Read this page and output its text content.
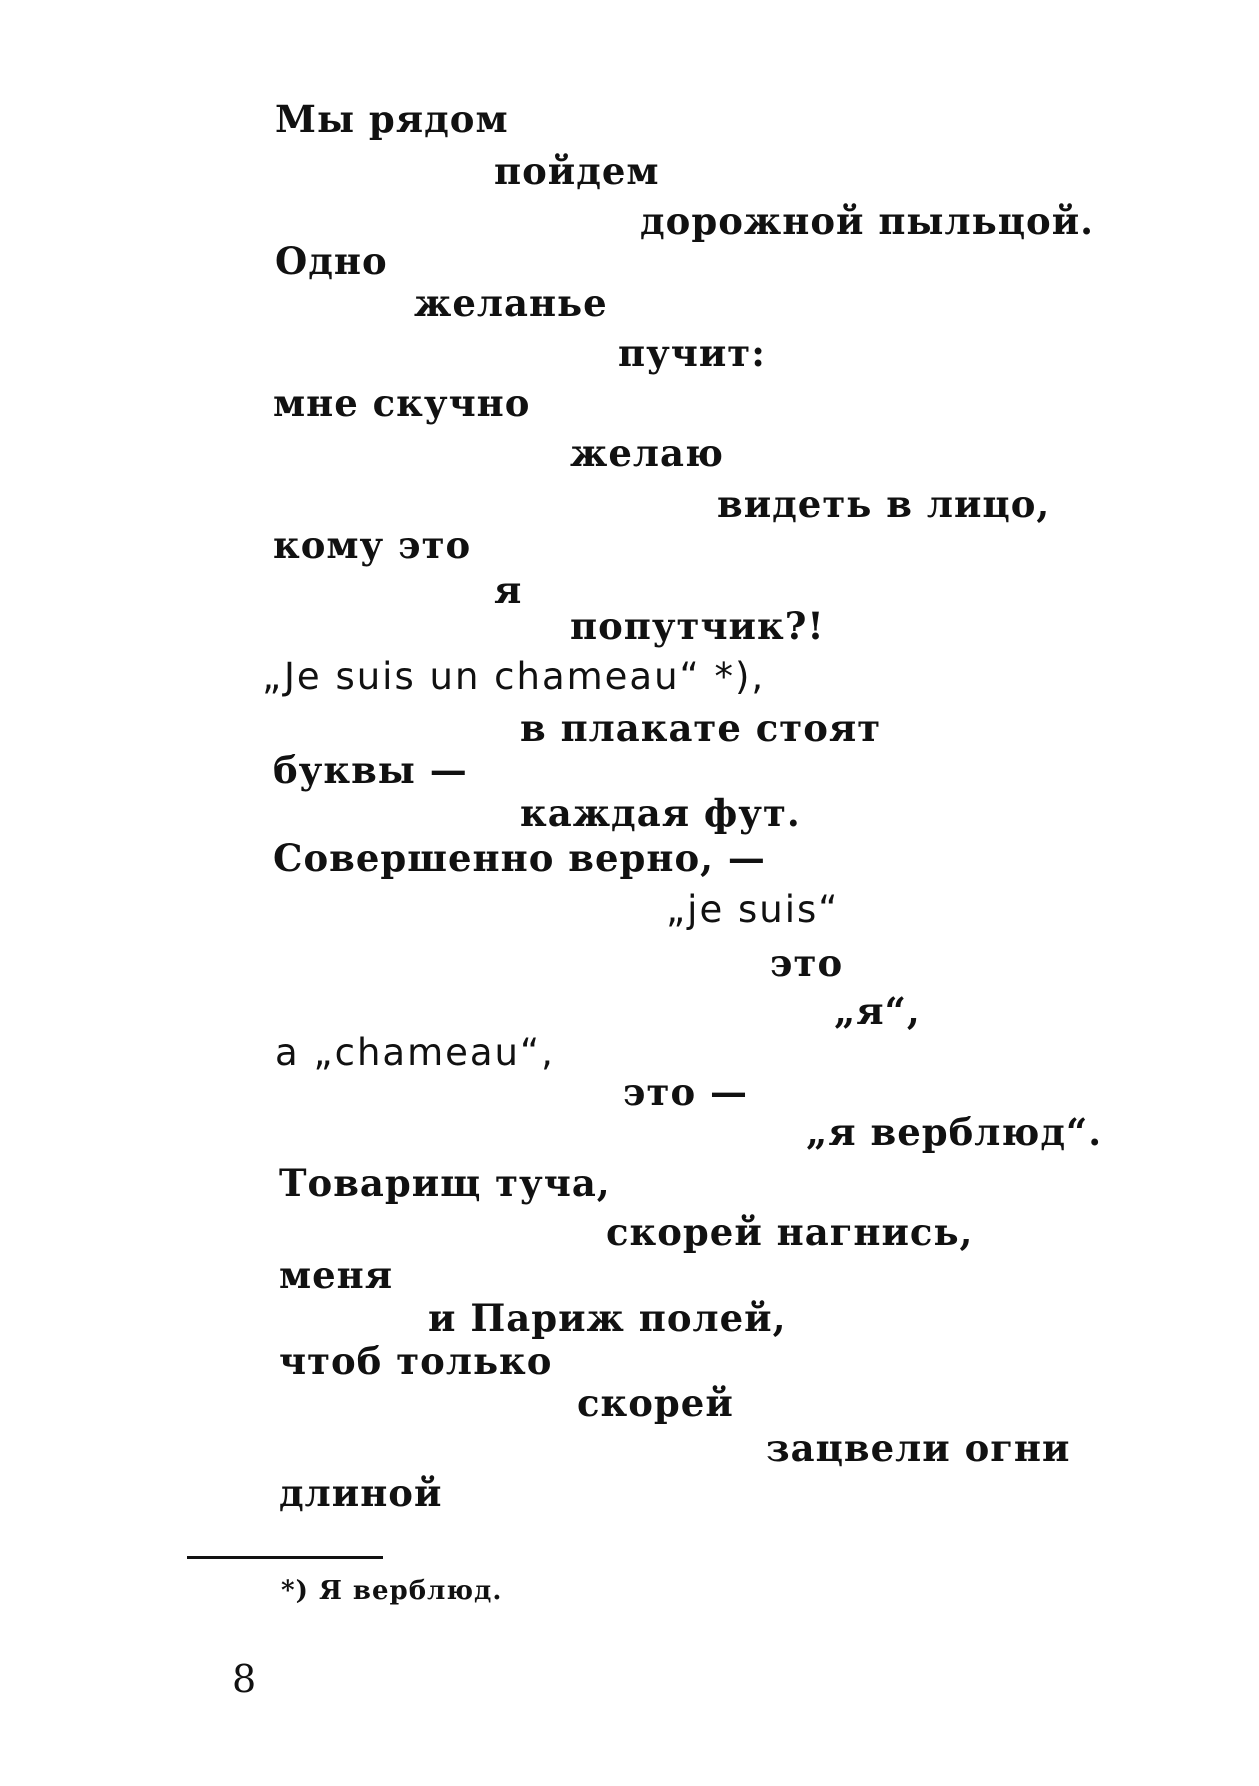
Мы рядом
пойдем
дорожной пыльцой.
Одно
желанье
пучит:
мне скучно
желаю
видеть в лицо,
кому это
я
попутчик?!
„Je suis un chameau“ *),
в плакате стоят
буквы —
каждая фут.
Совершенно верно, —
„je suis“
это
„я“,
а „chameau“,
это —
„я верблюд“.
Товарищ туча,
скорей нагнись,
меня
и Париж полей,
чтоб только
скорей
зацвели огни
длиной
*) Я верблюд.
8
